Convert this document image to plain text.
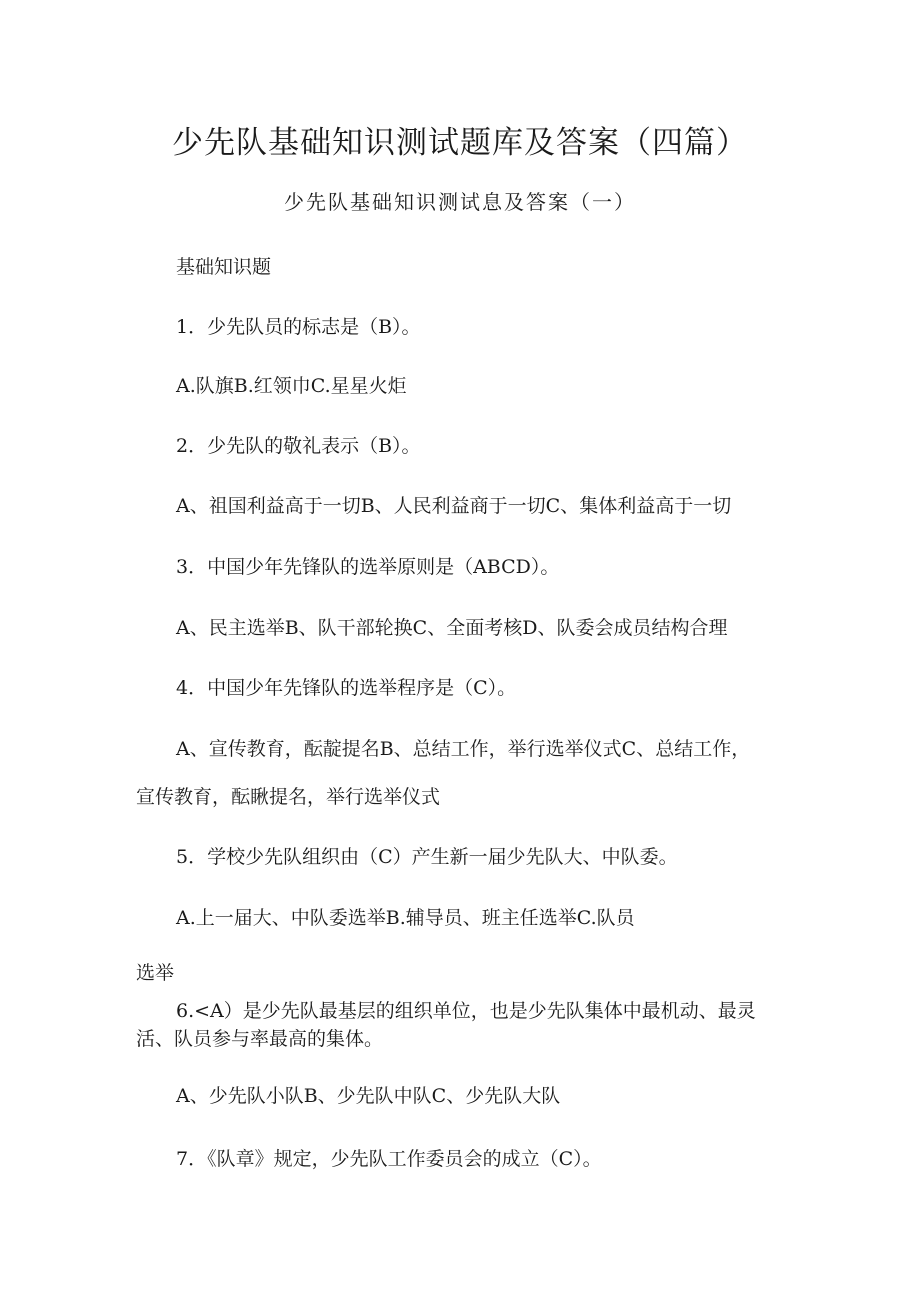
少先队基础知识测试题库及答案（四篇）
少先队基础知识测试息及答案（一）
基础知识题
1．少先队员的标志是（B）。
A.队旗B.红领巾C.星星火炬
2．少先队的敬礼表示（B）。
A、祖国利益高于一切B、人民利益商于一切C、集体利益高于一切
3．中国少年先锋队的选举原则是（ABCD）。
A、民主选举B、队干部轮换C、全面考核D、队委会成员结构合理
4．中国少年先锋队的选举程序是（C）。
A、宣传教育，酝靛提名B、总结工作，举行选举仪式C、总结工作，
宣传教育，酝瞅提名，举行选举仪式
5．学校少先队组织由（C）产生新一届少先队大、中队委。
A.上一届大、中队委选举B.辅导员、班主任选举C.队员
选举
6.<A）是少先队最基层的组织单位，也是少先队集体中最机动、最灵
活、队员参与率最高的集体。
A、少先队小队B、少先队中队C、少先队大队
7．《队章》规定，少先队工作委员会的成立（C）。
